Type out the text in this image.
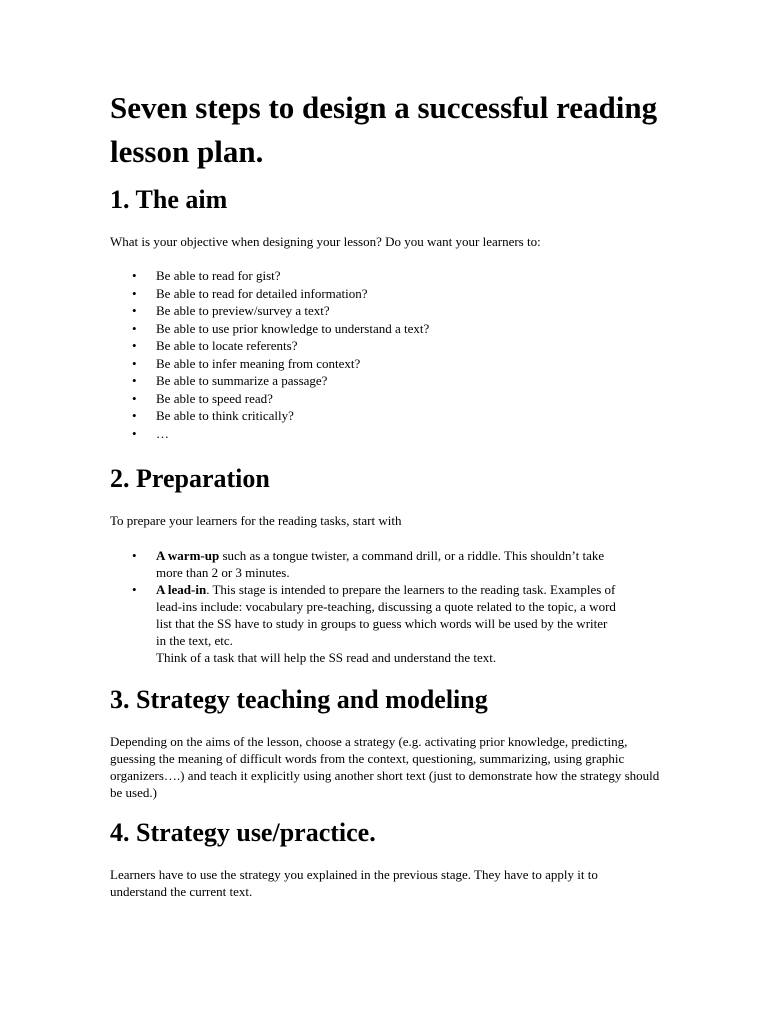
Seven steps to design a successful reading lesson plan.
1. The aim

What is your objective when designing your lesson? Do you want your learners to:

• Be able to read for gist?
• Be able to read for detailed information?
• Be able to preview/survey a text?
• Be able to use prior knowledge to understand a text?
• Be able to locate referents?
• Be able to infer meaning from context?
• Be able to summarize a passage?
• Be able to speed read?
• Be able to think critically?
• …
2. Preparation

To prepare your learners for the reading tasks, start with

• A warm-up such as a tongue twister, a command drill, or a riddle. This shouldn’t take more than 2 or 3 minutes.
• A lead-in. This stage is intended to prepare the learners to the reading task. Examples of lead-ins include: vocabulary pre-teaching, discussing a quote related to the topic, a word list that the SS have to study in groups to guess which words will be used by the writer in the text, etc.
Think of a task that will help the SS read and understand the text.
3. Strategy teaching and modeling

Depending on the aims of the lesson, choose a strategy (e.g. activating prior knowledge, predicting, guessing the meaning of difficult words from the context, questioning, summarizing, using graphic organizers….) and teach it explicitly using another short text (just to demonstrate how the strategy should be used.)

4. Strategy use/practice.

Learners have to use the strategy you explained in the previous stage. They have to apply it to understand the current text.
